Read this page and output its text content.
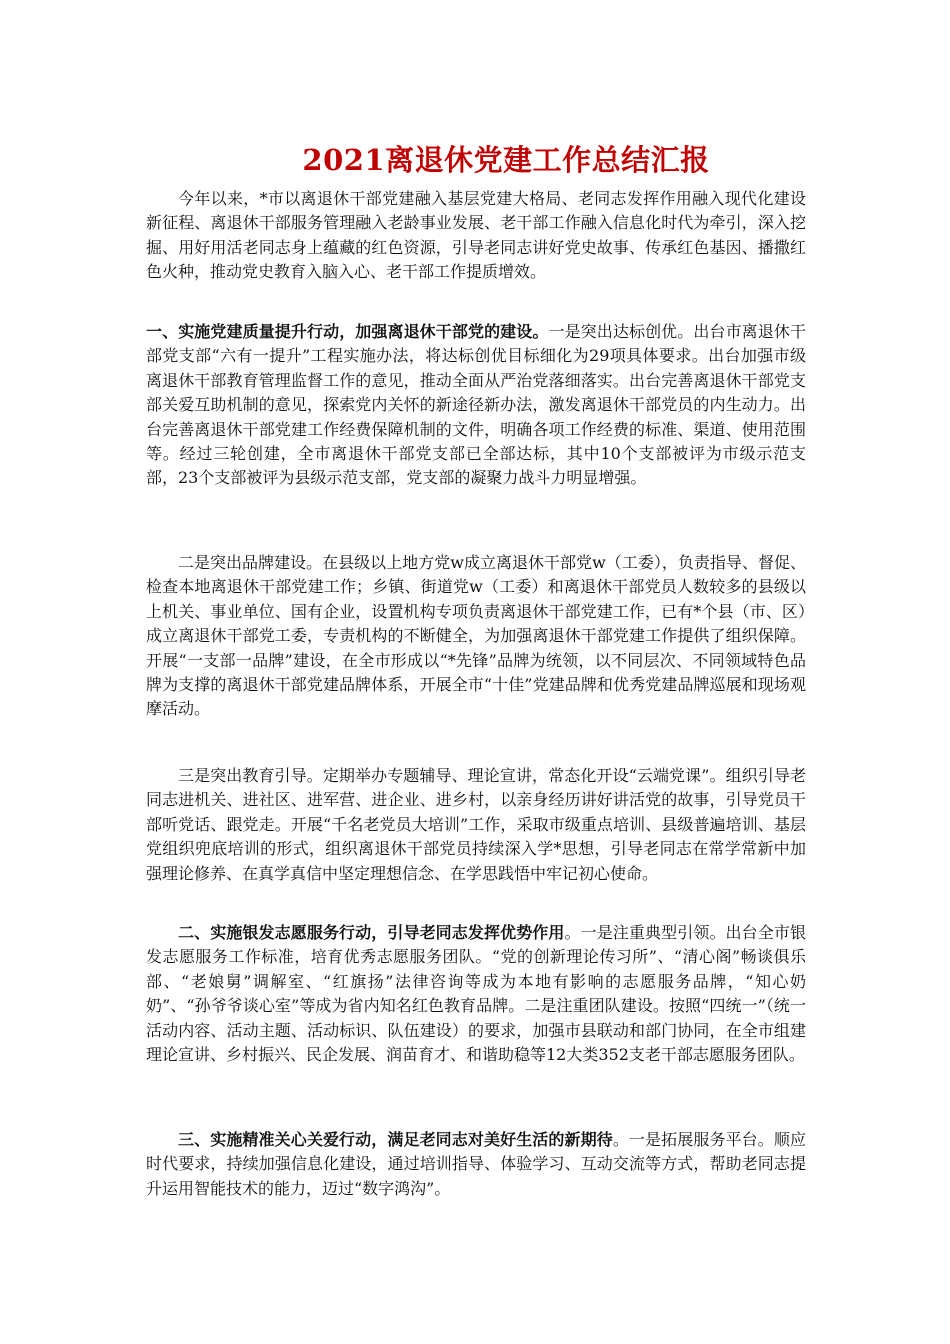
2021离退休党建工作总结汇报

今年以来，*市以离退休干部党建融入基层党建大格局、老同志发挥作用融入现代化建设新征程、离退休干部服务管理融入老龄事业发展、老干部工作融入信息化时代为牵引，深入挖掘、用好用活老同志身上蕴藏的红色资源，引导老同志讲好党史故事、传承红色基因、播撒红色火种，推动党史教育入脑入心、老干部工作提质增效。

一、实施党建质量提升行动，加强离退休干部党的建设。一是突出达标创优。出台市离退休干部党支部“六有一提升”工程实施办法，将达标创优目标细化为29项具体要求。出台加强市级离退休干部教育管理监督工作的意见，推动全面从严治党落细落实。出台完善离退休干部党支部关爱互助机制的意见，探索党内关怀的新途径新办法，激发离退休干部党员的内生动力。出台完善离退休干部党建工作经费保障机制的文件，明确各项工作经费的标准、渠道、使用范围等。经过三轮创建，全市离退休干部党支部已全部达标，其中10个支部被评为市级示范支部，23个支部被评为县级示范支部，党支部的凝聚力战斗力明显增强。

二是突出品牌建设。在县级以上地方党w成立离退休干部党w（工委），负责指导、督促、检查本地离退休干部党建工作；乡镇、街道党w（工委）和离退休干部党员人数较多的县级以上机关、事业单位、国有企业，设置机构专项负责离退休干部党建工作，已有*个县（市、区）成立离退休干部党工委，专责机构的不断健全，为加强离退休干部党建工作提供了组织保障。开展“一支部一品牌”建设，在全市形成以“*先锋”品牌为统领，以不同层次、不同领域特色品牌为支撑的离退休干部党建品牌体系，开展全市“十佳”党建品牌和优秀党建品牌巡展和现场观摩活动。

三是突出教育引导。定期举办专题辅导、理论宣讲，常态化开设“云端党课”。组织引导老同志进机关、进社区、进军营、进企业、进乡村，以亲身经历讲好讲活党的故事，引导党员干部听党话、跟党走。开展“千名老党员大培训”工作，采取市级重点培训、县级普遍培训、基层党组织兜底培训的形式，组织离退休干部党员持续深入学*思想，引导老同志在常学常新中加强理论修养、在真学真信中坚定理想信念、在学思践悟中牢记初心使命。

二、实施银发志愿服务行动，引导老同志发挥优势作用。一是注重典型引领。出台全市银发志愿服务工作标准，培育优秀志愿服务团队。“党的创新理论传习所”、“清心阁”畅谈俱乐部、“老娘舅”调解室、“红旗扬”法律咨询等成为本地有影响的志愿服务品牌，“知心奶奶”、“孙爷爷谈心室”等成为省内知名红色教育品牌。二是注重团队建设。按照“四统一”（统一活动内容、活动主题、活动标识、队伍建设）的要求，加强市县联动和部门协同，在全市组建理论宣讲、乡村振兴、民企发展、润苗育才、和谐助稳等12大类352支老干部志愿服务团队。

三、实施精准关心关爱行动，满足老同志对美好生活的新期待。一是拓展服务平台。顺应时代要求，持续加强信息化建设，通过培训指导、体验学习、互动交流等方式，帮助老同志提升运用智能技术的能力，迈过“数字鸿沟”。
